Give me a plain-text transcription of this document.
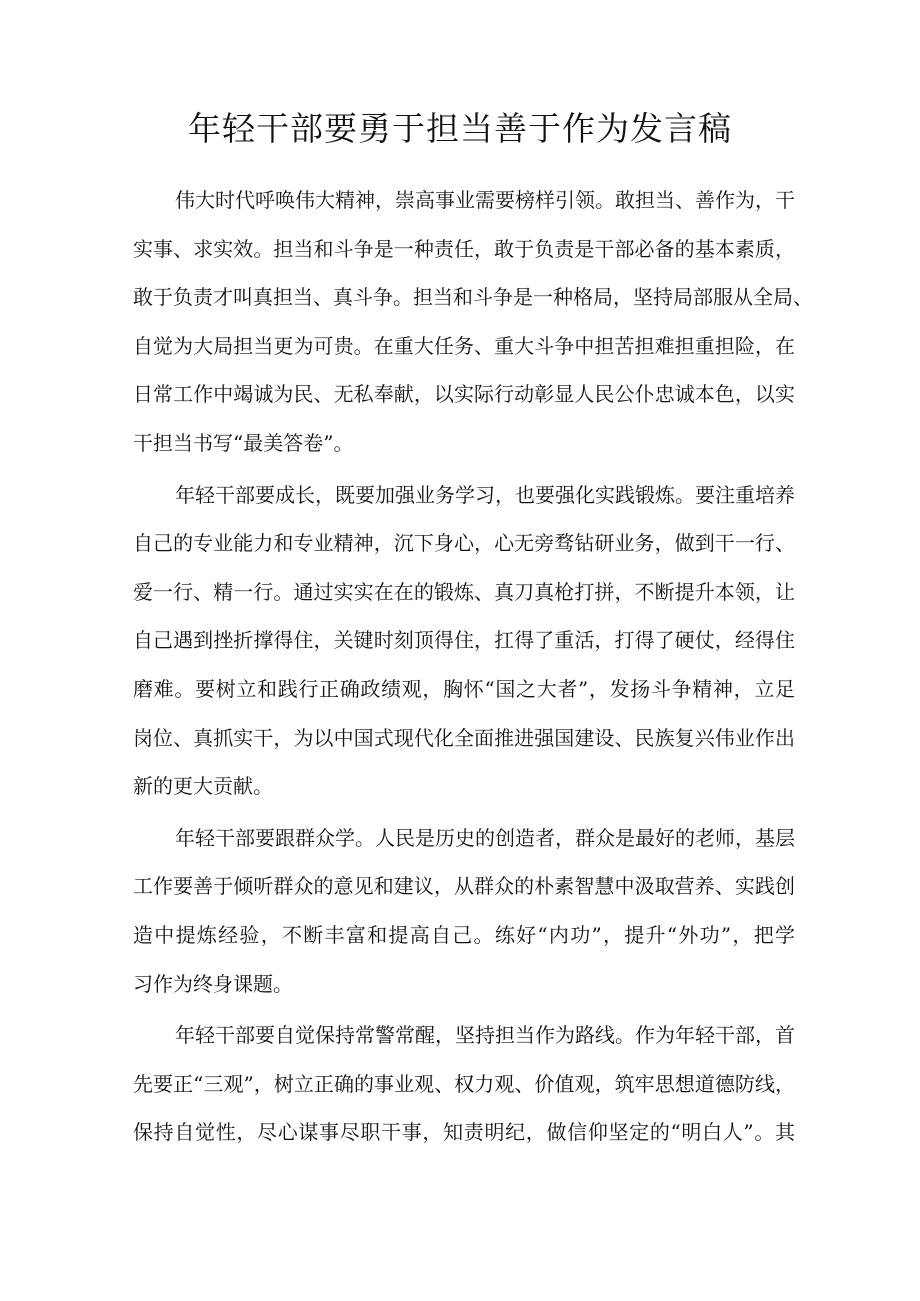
年轻干部要勇于担当善于作为发言稿
伟大时代呼唤伟大精神，崇高事业需要榜样引领。敢担当、善作为，干
实事、求实效。担当和斗争是一种责任，敢于负责是干部必备的基本素质，
敢于负责才叫真担当、真斗争。担当和斗争是一种格局，坚持局部服从全局、
自觉为大局担当更为可贵。在重大任务、重大斗争中担苦担难担重担险，在
日常工作中竭诚为民、无私奉献，以实际行动彰显人民公仆忠诚本色，以实
干担当书写“最美答卷”。
年轻干部要成长，既要加强业务学习，也要强化实践锻炼。要注重培养
自己的专业能力和专业精神，沉下身心，心无旁骛钻研业务，做到干一行、
爱一行、精一行。通过实实在在的锻炼、真刀真枪打拼，不断提升本领，让
自己遇到挫折撑得住，关键时刻顶得住，扛得了重活，打得了硬仗，经得住
磨难。要树立和践行正确政绩观，胸怀“国之大者”，发扬斗争精神，立足
岗位、真抓实干，为以中国式现代化全面推进强国建设、民族复兴伟业作出
新的更大贡献。
年轻干部要跟群众学。人民是历史的创造者，群众是最好的老师，基层
工作要善于倾听群众的意见和建议，从群众的朴素智慧中汲取营养、实践创
造中提炼经验，不断丰富和提高自己。练好“内功”，提升“外功”，把学
习作为终身课题。
年轻干部要自觉保持常警常醒，坚持担当作为路线。作为年轻干部，首
先要正“三观”，树立正确的事业观、权力观、价值观，筑牢思想道德防线，
保持自觉性，尽心谋事尽职干事，知责明纪，做信仰坚定的“明白人”。其
